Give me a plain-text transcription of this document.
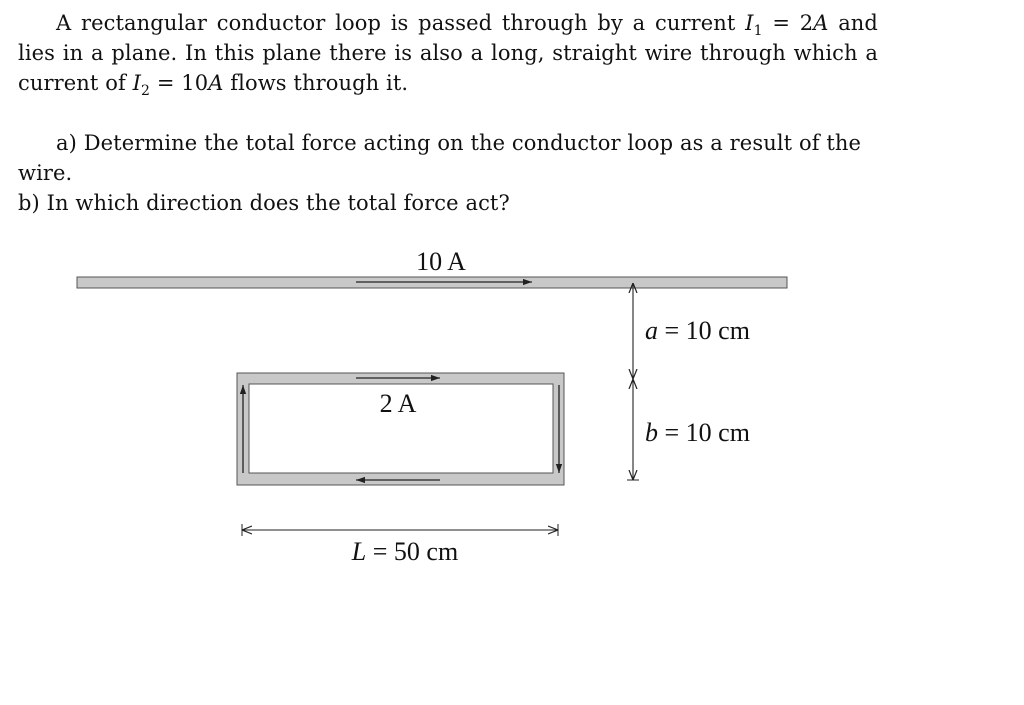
A rectangular conductor loop is passed through by a current $I_1 = 2A$ and lies in a plane. In this plane there is also a long, straight wire through which a current of $I_2 = 10A$ flows through it.

a) Determine the total force acting on the conductor loop as a result of the wire.

b) In which direction does the total force act?

10 A
2 A
a = 10 cm
b = 10 cm
L = 50 cm
